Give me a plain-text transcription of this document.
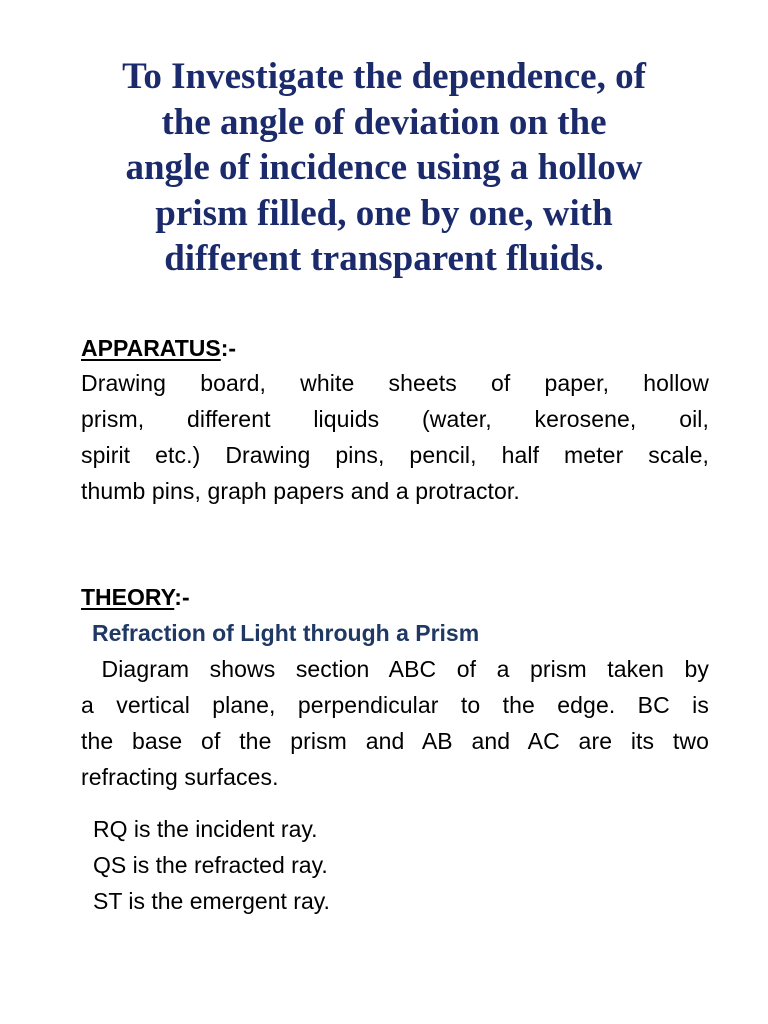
To Investigate the dependence, of
the angle of deviation on the
angle of incidence using a hollow
prism filled, one by one, with
different transparent fluids.

APPARATUS:-

Drawing board, white sheets of paper, hollow
prism, different liquids (water, kerosene, oil,
spirit etc.) Drawing pins, pencil, half meter scale,
thumb pins, graph papers and a protractor.

THEORY:-

Refraction of Light through a Prism

Diagram shows section ABC of a prism taken by
a vertical plane, perpendicular to the edge. BC is
the base of the prism and AB and AC are its two
refracting surfaces.

RQ is the incident ray.
QS is the refracted ray.
ST is the emergent ray.
